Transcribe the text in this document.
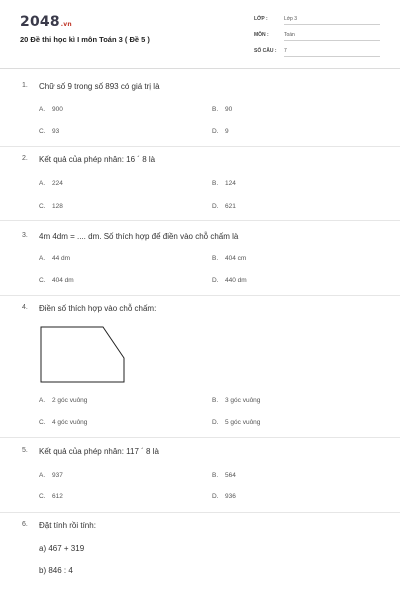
2048.vn
20 Đề thi học kì I môn Toán 3 ( Đề 5 )
LỚP :	Lớp 3
MÔN :	Toán
SỐ CÂU : 7
1. Chữ số 9 trong số 893 có giá trị là
A. 900	B. 90
C. 93	D. 9
2. Kết quả của phép nhân: 16 ´ 8 là
A. 224	B. 124
C. 128	D. 621
3. 4m 4dm = .... dm. Số thích hợp để điền vào chỗ chấm là
A. 44 dm	B. 404 cm
C. 404 dm	D. 440 dm
4. Điền số thích hợp vào chỗ chấm:
A. 2 góc vuông	B. 3 góc vuông
C. 4 góc vuông	D. 5 góc vuông
5. Kết quả của phép nhân: 117 ´ 8 là
A. 937	B. 564
C. 612	D. 936
6. Đặt tính rồi tính:
a) 467 + 319
b) 846 : 4
